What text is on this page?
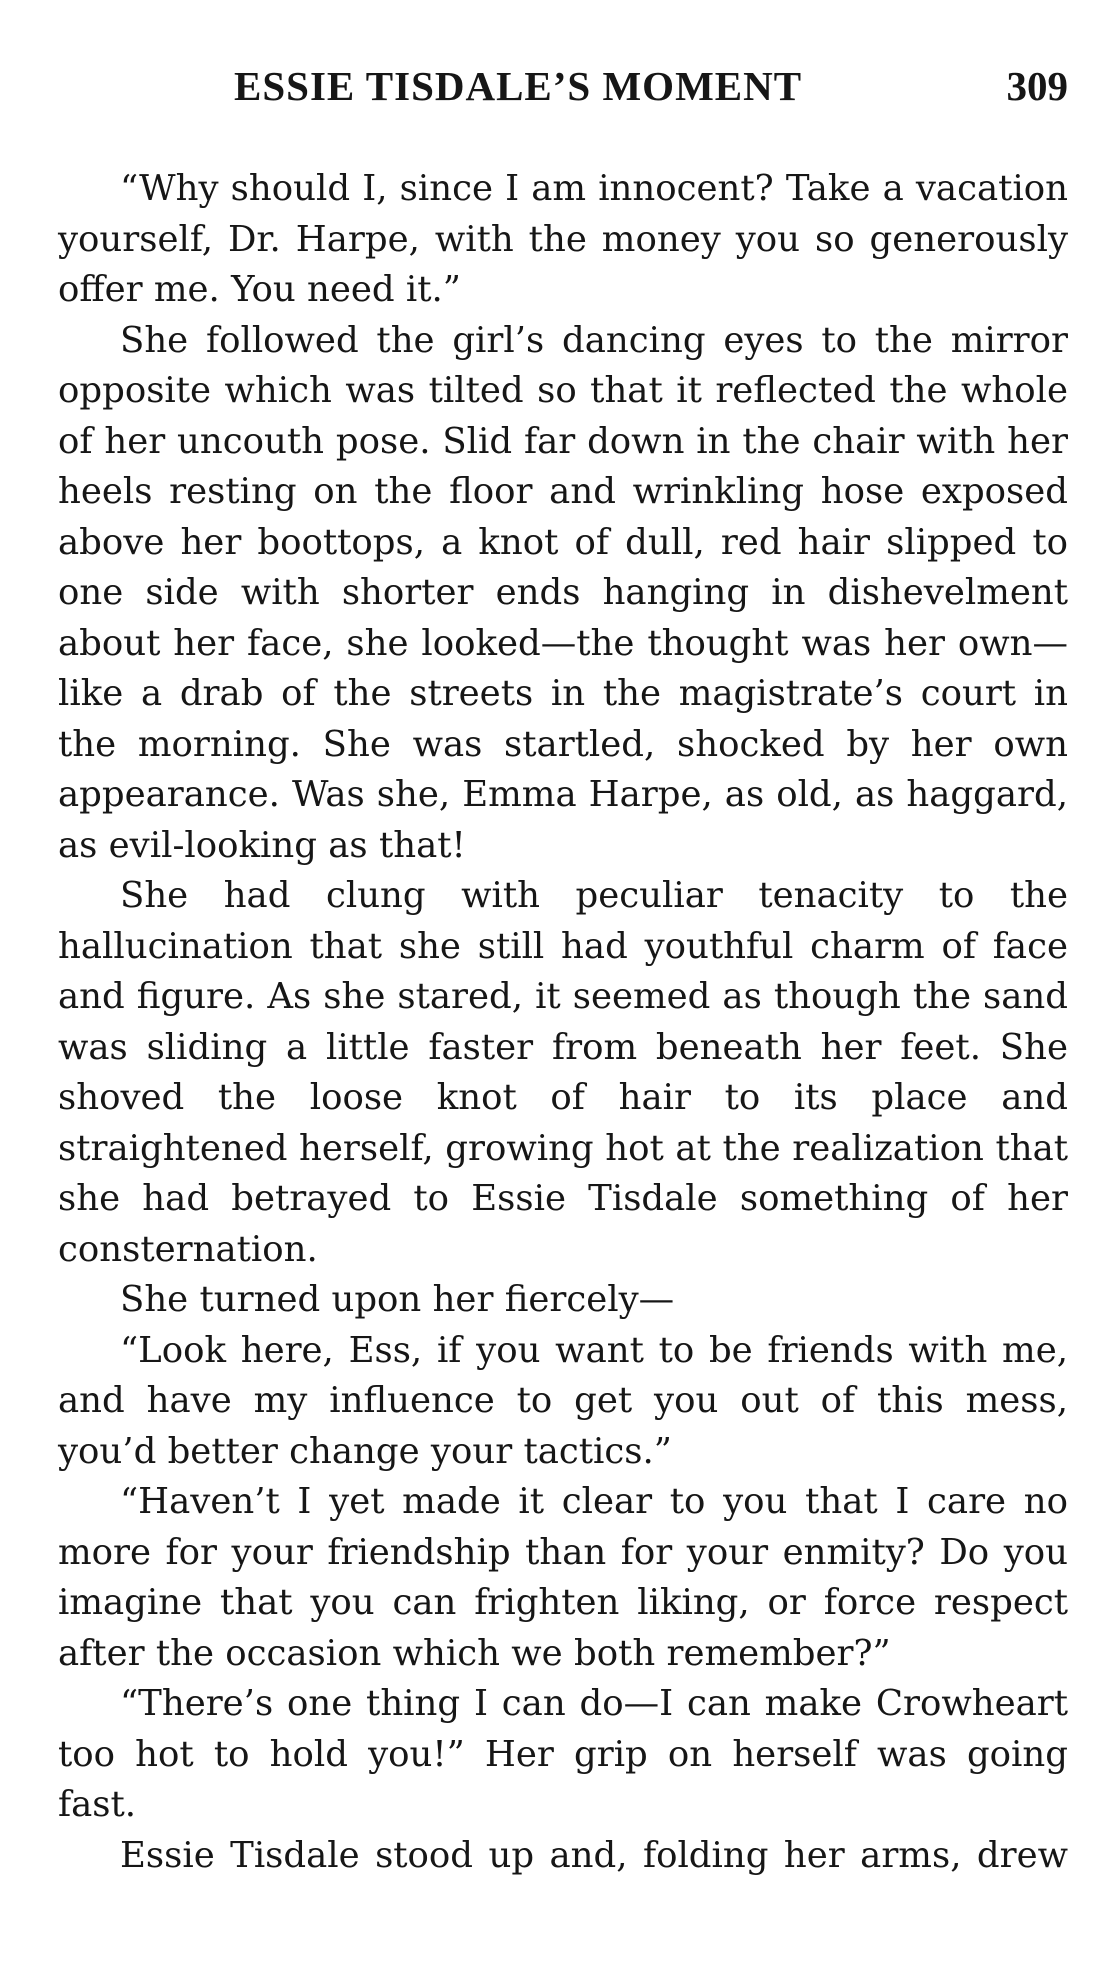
ESSIE TISDALE’S MOMENT	309

“Why should I, since I am innocent? Take a vacation yourself, Dr. Harpe, with the money you so generously offer me. You need it.”

She followed the girl’s dancing eyes to the mirror opposite which was tilted so that it reflected the whole of her uncouth pose. Slid far down in the chair with her heels resting on the floor and wrinkling hose exposed above her boottops, a knot of dull, red hair slipped to one side with shorter ends hanging in dishevelment about her face, she looked—the thought was her own—like a drab of the streets in the magistrate’s court in the morning. She was startled, shocked by her own appearance. Was she, Emma Harpe, as old, as haggard, as evil-looking as that!

She had clung with peculiar tenacity to the hallucination that she still had youthful charm of face and figure. As she stared, it seemed as though the sand was sliding a little faster from beneath her feet. She shoved the loose knot of hair to its place and straightened herself, growing hot at the realization that she had betrayed to Essie Tisdale something of her consternation.

She turned upon her fiercely—

“Look here, Ess, if you want to be friends with me, and have my influence to get you out of this mess, you’d better change your tactics.”

“Haven’t I yet made it clear to you that I care no more for your friendship than for your enmity? Do you imagine that you can frighten liking, or force respect after the occasion which we both remember?”

“There’s one thing I can do—I can make Crowheart too hot to hold you!” Her grip on herself was going fast.

Essie Tisdale stood up and, folding her arms, drew
